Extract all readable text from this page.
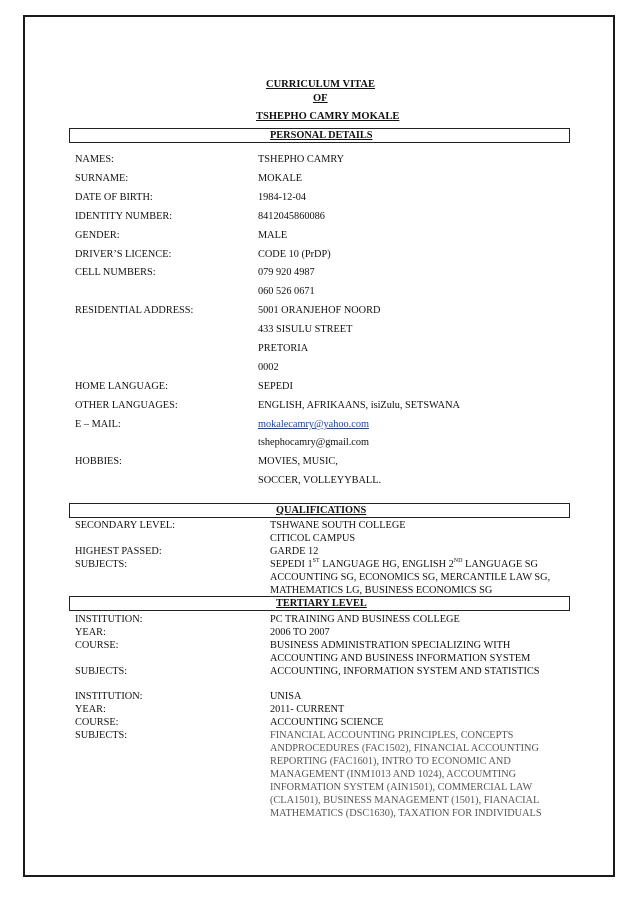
CURRICULUM VITAE
OF
TSHEPHO CAMRY MOKALE
PERSONAL DETAILS
NAMES:	TSHEPHO CAMRY
SURNAME:	MOKALE
DATE OF BIRTH:	1984-12-04
IDENTITY NUMBER:	8412045860086
GENDER:	MALE
DRIVER’S LICENCE:	CODE 10 (PrDP)
CELL NUMBERS:	079 920 4987
060 526 0671
RESIDENTIAL ADDRESS:	5001 ORANJEHOF NOORD
433 SISULU STREET
PRETORIA
0002
HOME LANGUAGE:	SEPEDI
OTHER LANGUAGES:	ENGLISH, AFRIKAANS, isiZulu, SETSWANA
E – MAIL:	mokalecamry@yahoo.com
tshephocamry@gmail.com
HOBBIES:	MOVIES, MUSIC,
SOCCER, VOLLEYYBALL.
QUALIFICATIONS
SECONDARY LEVEL:	TSHWANE SOUTH COLLEGE
CITICOL CAMPUS
HIGHEST PASSED:	GARDE 12
SUBJECTS:	SEPEDI 1ST LANGUAGE HG, ENGLISH 2ND LANGUAGE SG
ACCOUNTING SG, ECONOMICS SG, MERCANTILE LAW SG,
MATHEMATICS LG, BUSINESS ECONOMICS SG
TERTIARY LEVEL
INSTITUTION:	PC TRAINING AND BUSINESS COLLEGE
YEAR:	2006 TO 2007
COURSE:	BUSINESS ADMINISTRATION SPECIALIZING WITH
ACCOUNTING AND BUSINESS INFORMATION SYSTEM
SUBJECTS:	ACCOUNTING, INFORMATION SYSTEM AND STATISTICS
INSTITUTION:	UNISA
YEAR:	2011- CURRENT
COURSE:	ACCOUNTING SCIENCE
SUBJECTS:	FINANCIAL ACCOUNTING PRINCIPLES, CONCEPTS
ANDPROCEDURES (FAC1502), FINANCIAL ACCOUNTING
REPORTING (FAC1601), INTRO TO ECONOMIC AND
MANAGEMENT (INM1013 AND 1024), ACCOUMTING
INFORMATION SYSTEM (AIN1501), COMMERCIAL LAW
(CLA1501), BUSINESS MANAGEMENT (1501), FIANACIAL
MATHEMATICS (DSC1630), TAXATION FOR INDIVIDUALS
